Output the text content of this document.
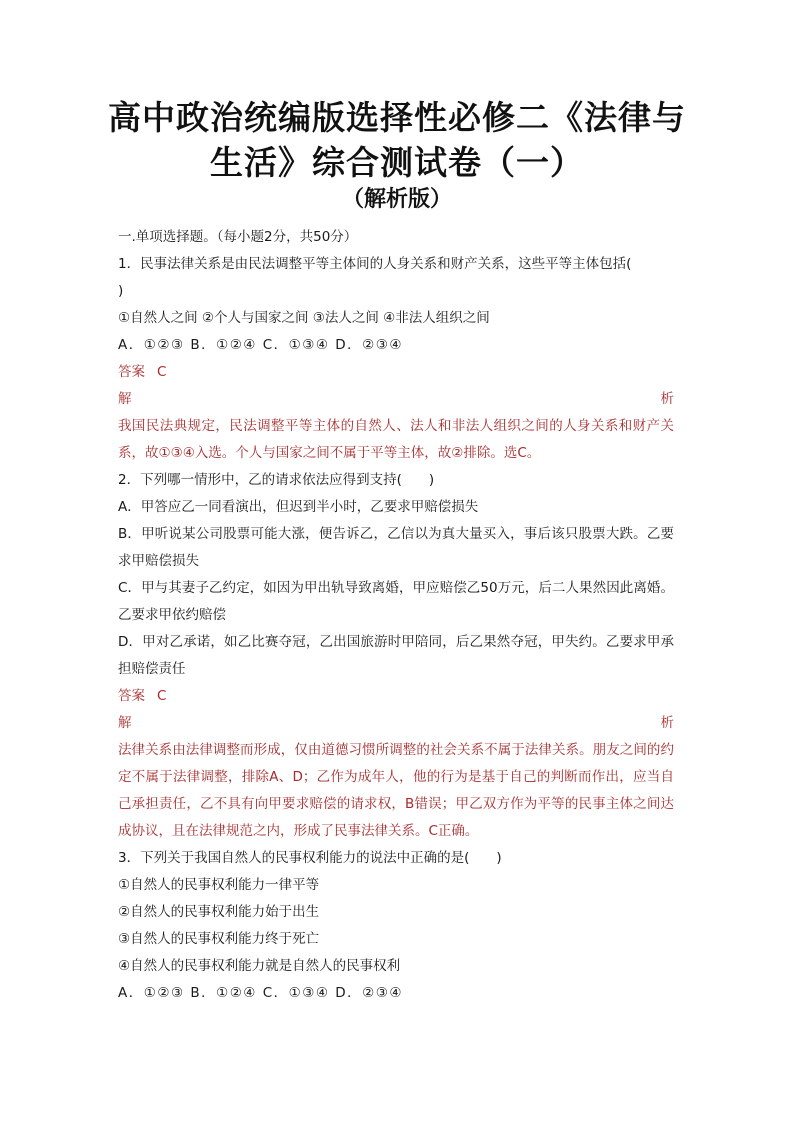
高中政治统编版选择性必修二《法律与
生活》综合测试卷（一）
（解析版）
一.单项选择题。（每小题2分，共50分）
1．民事法律关系是由民法调整平等主体间的人身关系和财产关系，这些平等主体包括(
)
①自然人之间 ②个人与国家之间 ③法人之间 ④非法人组织之间
A．①②③ B．①②④ C．①③④ D．②③④
答案 C
解	析
我国民法典规定，民法调整平等主体的自然人、法人和非法人组织之间的人身关系和财产关系，故①③④入选。个人与国家之间不属于平等主体，故②排除。选C。
2．下列哪一情形中，乙的请求依法应得到支持(　　)
A．甲答应乙一同看演出，但迟到半小时，乙要求甲赔偿损失
B．甲听说某公司股票可能大涨，便告诉乙，乙信以为真大量买入，事后该只股票大跌。乙要求甲赔偿损失
C．甲与其妻子乙约定，如因为甲出轨导致离婚，甲应赔偿乙50万元，后二人果然因此离婚。乙要求甲依约赔偿
D．甲对乙承诺，如乙比赛夺冠，乙出国旅游时甲陪同，后乙果然夺冠，甲失约。乙要求甲承担赔偿责任
答案 C
解	析
法律关系由法律调整而形成，仅由道德习惯所调整的社会关系不属于法律关系。朋友之间的约定不属于法律调整，排除A、D；乙作为成年人，他的行为是基于自己的判断而作出，应当自己承担责任，乙不具有向甲要求赔偿的请求权，B错误；甲乙双方作为平等的民事主体之间达成协议，且在法律规范之内，形成了民事法律关系。C正确。
3．下列关于我国自然人的民事权利能力的说法中正确的是(　　)
①自然人的民事权利能力一律平等
②自然人的民事权利能力始于出生
③自然人的民事权利能力终于死亡
④自然人的民事权利能力就是自然人的民事权利
A．①②③ B．①②④ C．①③④ D．②③④
